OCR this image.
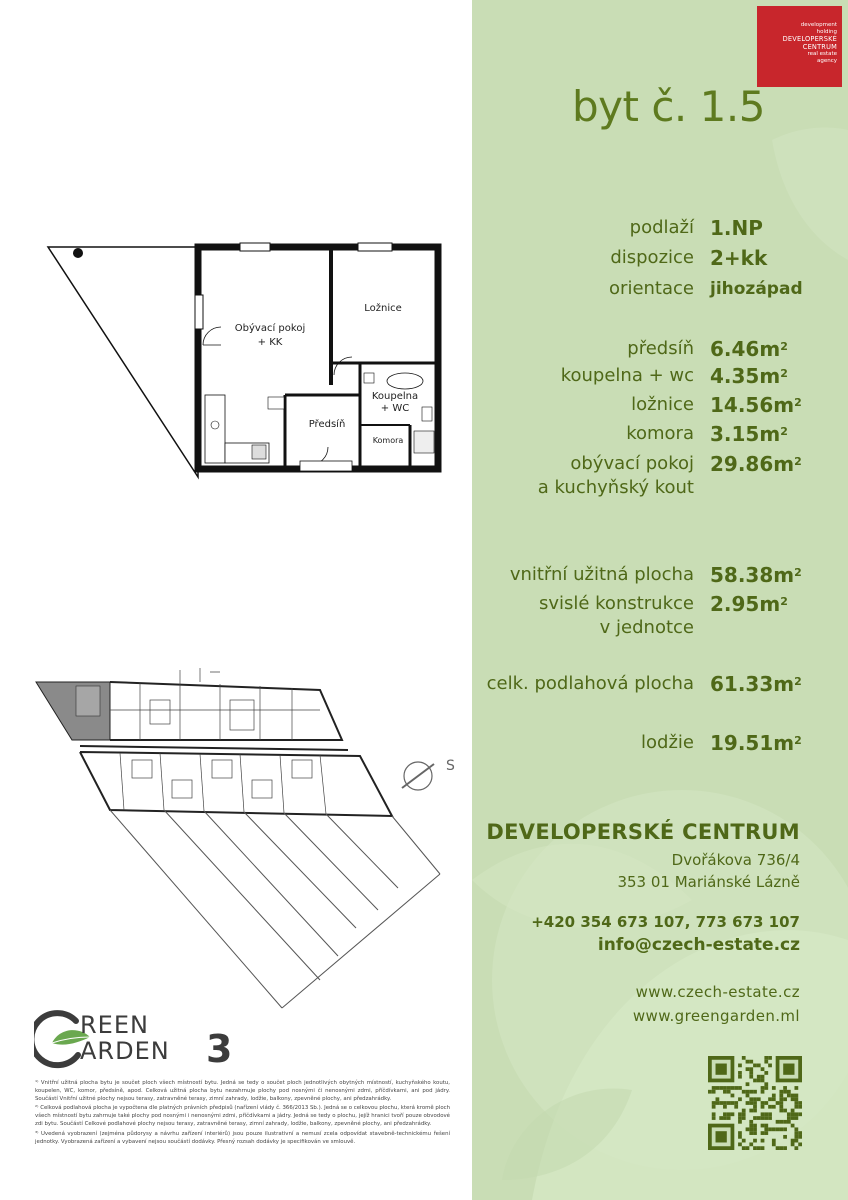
Obývací pokoj
+ KK
Ložnice
Koupelna
+ WC
Předsíň
Komora
S
REEN
ARDEN 3

¹⁾ Vnitřní užitná plocha bytu je součet ploch všech místností bytu. Jedná se tedy o součet ploch jednotlivých obytných místností, kuchyňského koutu, koupelen, WC, komor, předsíně, apod. Celková užitná plocha bytu nezahrnuje plochy pod nosnými či nenosnými zdmi, příčdívkami, ani pod jádry. Součástí Vnitřní užitné plochy nejsou terasy, zatravněné terasy, zimní zahrady, lodžie, balkony, zpevněné plochy, ani předzahrádky.

²⁾ Celková podlahová plocha je vypočtena dle platných právních předpisů (nařízení vlády č. 366/2013 Sb.). Jedná se o celkovou plochu, která kromě ploch všech místností bytu zahrnuje také plochy pod nosnými i nenosnými zdmi, příčdívkami a jádry. Jedná se tedy o plochu, jejíž hranici tvoří pouze obvodové zdi bytu. Součástí Celkové podlahové plochy nejsou terasy, zatravněné terasy, zimní zahrady, lodžie, balkony, zpevněné plochy, ani předzahrádky.

³⁾ Uvedená vyobrazení (zejména půdorysy a návrhu zařízení interiérů) jsou pouze ilustrativní a nemusí zcela odpovídat stavebně-technickému řešení jednotky. Vyobrazená zařízení a vybavení nejsou součástí dodávky. Přesný rozsah dodávky je specifikován ve smlouvě.

development
holding
DEVELOPERSKÉ
CENTRUM
real estate
agency
byt č. 1.5
podlaží 1.NP
dispozice 2+kk
orientace jihozápad
předsíň $6.46m^2$
koupelna + wc $4.35m^2$
ložnice $14.56m^2$
komora $3.15m^2$
obývací pokoj
a kuchyňský kout
$29.86m^2$
vnitřní užitná plocha $58.38m^2$
svislé konstrukce
v jednotce
$2.95m^2$
celk. podlahová plocha $61.33m^2$
lodžie $19.51m^2$
DEVELOPERSKÉ CENTRUM
Dvořákova 736/4
353 01 Mariánské Lázně
+420 354 673 107, 773 673 107
info@czech-estate.cz
www.czech-estate.cz
www.greengarden.ml
